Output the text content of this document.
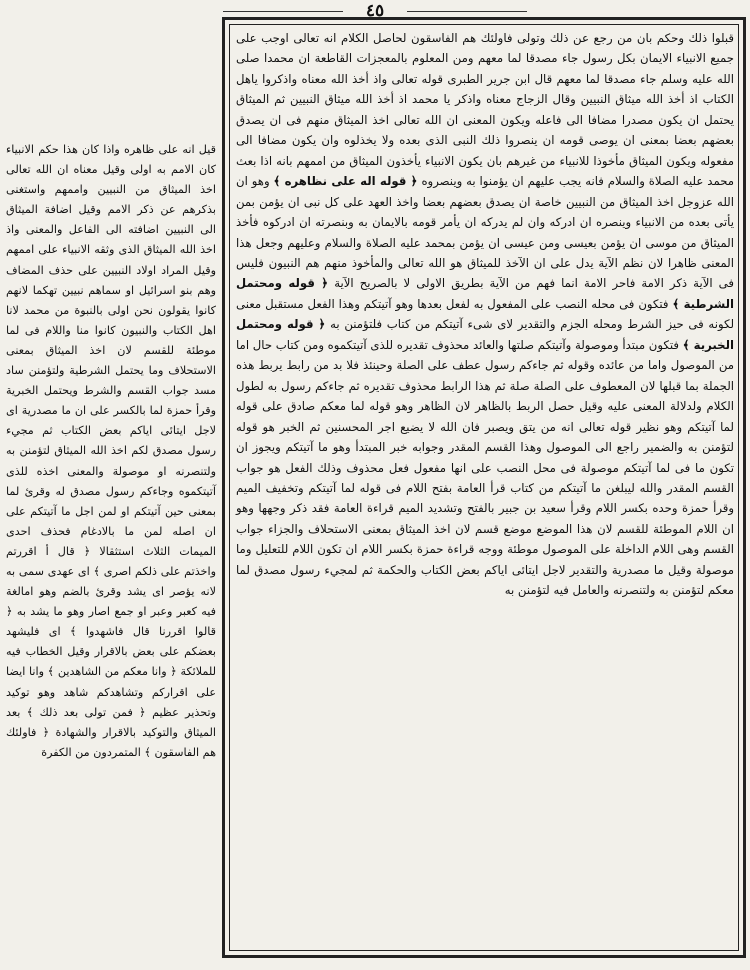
٤٥

قيل انه على ظاهره واذا كان هذا حكم الانبياء كان الامم به اولى وقيل معناه ان الله تعالى اخذ الميثاق من النبيين واممهم واستغنى بذكرهم عن ذكر الامم وقيل اضافة الميثاق الى النبيين اضافته الى الفاعل والمعنى واذ اخذ الله الميثاق الذى وثقه الانبياء على اممهم وقيل المراد اولاد النبيين على حذف المضاف وهم بنو اسرائيل او سماهم نبيين تهكما لانهم كانوا يقولون نحن اولى بالنبوة من محمد لانا اهل الكتاب والنبيون كانوا منا واللام فى لما موطئة للقسم لان اخذ الميثاق بمعنى الاستحلاف وما يحتمل الشرطية ولتؤمنن ساد مسد جواب القسم والشرط ويحتمل الخبرية وقرأ حمزة لما بالكسر على ان ما مصدرية اى لاجل ايتائى اياكم بعض الكتاب ثم مجيء رسول مصدق لكم اخذ الله الميثاق لتؤمنن به ولتنصرنه او موصولة والمعنى اخذه للذى آتيتكموه وجاءكم رسول مصدق له وقرئ لما بمعنى حين آتيتكم او لمن اجل ما آتيتكم على ان اصله لمن ما بالادغام فحذف احدى الميمات الثلاث استثقالا ﴿ قال أ اقررتم واخذتم على ذلكم اصرى ﴾ اى عهدى سمى به لانه يؤصر اى يشد وقرئ بالضم وهو امالغة فيه كعبر وعبر او جمع اصار وهو ما يشد به ﴿ قالوا اقررنا قال فاشهدوا ﴾ اى فليشهد بعضكم على بعض بالاقرار وقيل الخطاب فيه للملائكة ﴿ وانا معكم من الشاهدين ﴾ وانا ايضا على اقراركم وتشاهدكم شاهد وهو توكيد وتحذير عظيم ﴿ فمن تولى بعد ذلك ﴾ بعد الميثاق والتوكيد بالاقرار والشهادة ﴿ فاولئك هم الفاسقون ﴾ المتمردون من الكفرة

قبلوا ذلك وحكم بان من رجع عن ذلك وتولى فاولئك هم الفاسقون لحاصل الكلام انه تعالى اوجب على جميع الانبياء الايمان بكل رسول جاء مصدقا لما معهم ومن المعلوم بالمعجزات القاطعة ان محمدا صلى الله عليه وسلم جاء مصدقا لما معهم قال ابن جرير الطبرى قوله تعالى واذ أخذ الله معناه واذكروا ياهل الكتاب اذ أخذ الله ميثاق النبيين وقال الزجاج معناه واذكر يا محمد اذ أخذ الله ميثاق النبيين ثم الميثاق يحتمل ان يكون مصدرا مضافا الى فاعله ويكون المعنى ان الله تعالى اخذ الميثاق منهم فى ان يصدق بعضهم بعضا بمعنى ان يوصى قومه ان ينصروا ذلك النبى الذى بعده ولا يخذلوه وان يكون مضافا الى مفعوله ويكون الميثاق مأخوذا للانبياء من غيرهم بان يكون الانبياء يأخذون الميثاق من اممهم بانه اذا بعث محمد عليه الصلاة والسلام فانه يجب عليهم ان يؤمنوا به وينصروه ﴿ قوله اله على نظاهره ﴾ وهو ان الله عزوجل اخذ الميثاق من النبيين خاصة ان يصدق بعضهم بعضا واخذ العهد على كل نبى ان يؤمن بمن يأتى بعده من الانبياء وينصره ان ادركه وان لم يدركه ان يأمر قومه بالايمان به وبنصرته ان ادركوه فأخذ الميثاق من موسى ان يؤمن بعيسى ومن عيسى ان يؤمن بمحمد عليه الصلاة والسلام وعليهم وجعل هذا المعنى ظاهرا لان نظم الآية يدل على ان الآخذ للميثاق هو الله تعالى والمأخوذ منهم هم النبيون فليس فى الآية ذكر الامة فاحر الامة انما فهم من الآية بطريق الاولى لا بالصريح الآية ﴿ قوله ومحتمل الشرطية ﴾ فتكون فى محله النصب على المفعول به لفعل بعدها وهو آتيتكم وهذا الفعل مستقبل معنى لكونه فى حيز الشرط ومحله الجزم والتقدير لاى شىء آتيتكم من كتاب فلتؤمنن به ﴿ قوله ومحتمل الخبرية ﴾ فتكون مبتدأ وموصولة وآتيتكم صلتها والعائد محذوف تقديره للذى آتيتكموه ومن كتاب حال اما من الموصول واما من عائده وقوله ثم جاءكم رسول عطف على الصلة وحينئذ فلا بد من رابط يربط هذه الجملة بما قبلها لان المعطوف على الصلة صلة ثم هذا الرابط محذوف تقديره ثم جاءكم رسول به لطول الكلام ولدلالة المعنى عليه وقيل حصل الربط بالظاهر لان الظاهر وهو قوله لما معكم صادق على قوله لما آتيتكم وهو نظير قوله تعالى انه من يتق ويصبر فان الله لا يضيع اجر المحسنين ثم الخبر هو قوله لتؤمنن به والضمير راجع الى الموصول وهذا القسم المقدر وجوابه خبر المبتدأ وهو ما آتيتكم ويجوز ان تكون ما فى لما آتيتكم موصولة فى محل النصب على انها مفعول فعل محذوف وذلك الفعل هو جواب القسم المقدر والله ليبلغن ما آتيتكم من كتاب قرأ العامة بفتح اللام فى قوله لما آتيتكم وتخفيف الميم وقرأ حمزة وحده بكسر اللام وقرأ سعيد بن جبير بالفتح وتشديد الميم قراءة العامة فقد ذكر وجهها وهو ان اللام الموطئة للقسم لان هذا الموضع موضع قسم لان اخذ الميثاق بمعنى الاستحلاف والجزاء جواب القسم وهى اللام الداخلة على الموصول موطئة ووجه قراءة حمزة بكسر اللام ان تكون اللام للتعليل وما موصولة وقيل ما مصدرية والتقدير لاجل ايتائى اياكم بعض الكتاب والحكمة ثم لمجيء رسول مصدق لما معكم لتؤمنن به ولتنصرنه والعامل فيه لتؤمنن به
